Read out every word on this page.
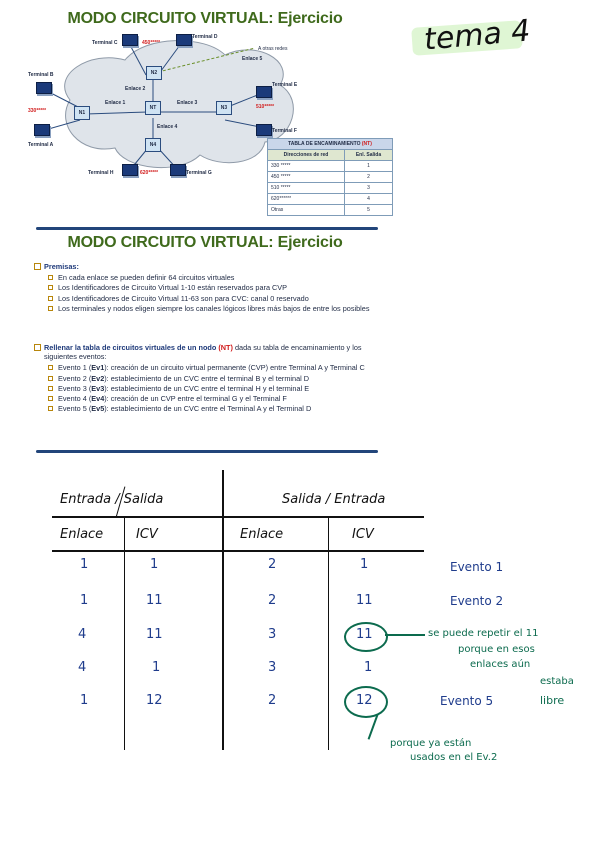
MODO CIRCUITO VIRTUAL: Ejercicio
N2
N1
NT	N3
N4
Enlace 2
Enlace 1	Enlace 3
Enlace 4
Enlace 5
A otras redes
Terminal C	450*****
Terminal D
Terminal B
330*****
Terminal A
Terminal E
510*****
Terminal F
Terminal H	620*****	Terminal G
TABLA DE ENCAMINAMIENTO (NT)	
Direcciones de red	Enl. Salida
330 *****	1
450 *****	2
510 *****	3
620******	4
Otras	5
MODO CIRCUITO VIRTUAL: Ejercicio
Premisas:
En cada enlace se pueden definir 64 circuitos virtuales
Los Identificadores de Circuito Virtual 1-10 están reservados para CVP
Los Identificadores de Circuito Virtual 11-63 son para CVC: canal 0 reservado
Los terminales y nodos eligen siempre los canales lógicos libres más bajos de entre los posibles
Rellenar la tabla de circuitos virtuales de un nodo (NT) dada su tabla de encaminamiento y los siguientes eventos:
Evento 1 (Ev1): creación de un circuito virtual permanente (CVP) entre Terminal A y Terminal C
Evento 2 (Ev2): establecimiento de un CVC entre el terminal B y el terminal D
Evento 3 (Ev3): establecimiento de un CVC entre el terminal H y el terminal E
Evento 4 (Ev4): creación de un CVP entre el terminal G y el Terminal F
Evento 5 (Ev5): establecimiento de un CVC entre el Terminal A y el Terminal D
tema 4
Entrada / Salida	Salida / Entrada
Enlace	ICV	Enlace	ICV
1	1	2	1
1	11	2	11
4	11	3	11
4	1	3	1
1	12	2	12
Evento 1
Evento 2
Evento 5
se puede repetir el 11
porque en esos
enlaces aún
estaba
libre
porque ya están
usados en el Ev.2
